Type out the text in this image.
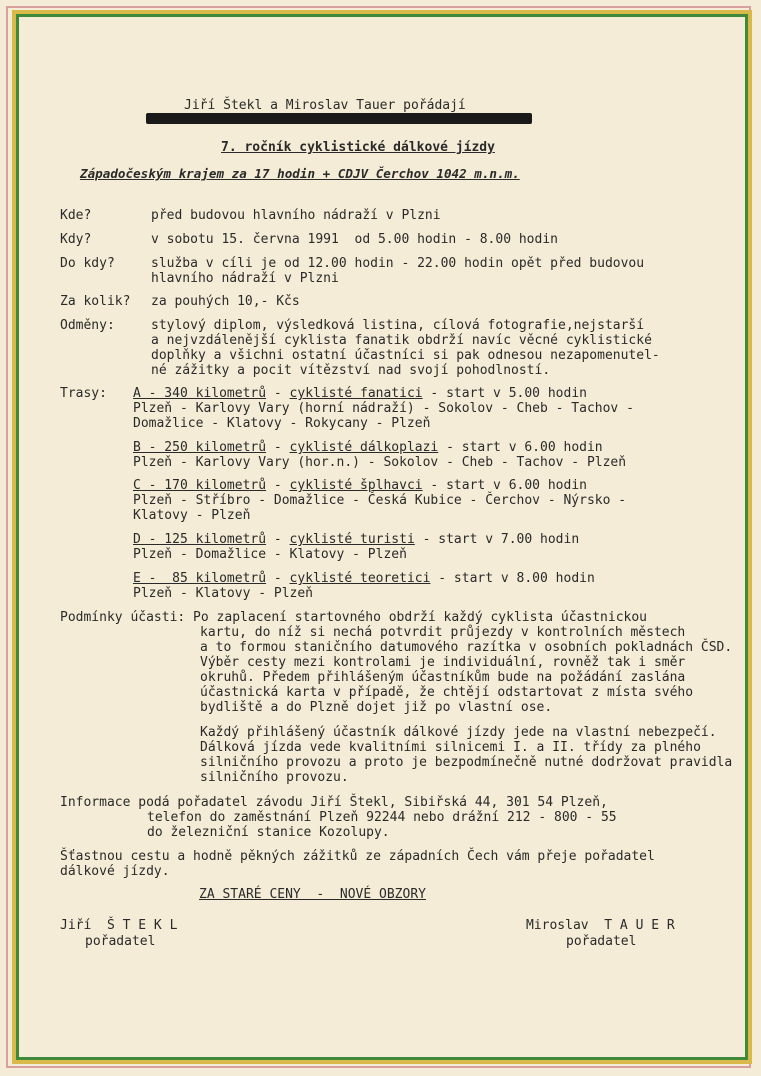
Jiří Štekl a Miroslav Tauer pořádají
7. ročník cyklistické dálkové jízdy
Západočeským krajem za 17 hodin + CDJV Čerchov 1042 m.n.m.
Kde?	před budovou hlavního nádraží v Plzni
Kdy?	v sobotu 15. června 1991  od 5.00 hodin - 8.00 hodin
Do kdy?	služba v cíli je od 12.00 hodin - 22.00 hodin opět před budovou
hlavního nádraží v Plzni
Za kolik? za pouhých 10,- Kčs
Odměny:	stylový diplom, výsledková listina, cílová fotografie,nejstarší
a nejvzdálenější cyklista fanatik obdrží navíc věcné cyklistické
doplňky a všichni ostatní účastníci si pak odnesou nezapomenutel-
né zážitky a pocit vítězství nad svojí pohodlností.
Trasy: A - 340 kilometrů - cyklisté fanatici - start v 5.00 hodin
Plzeň - Karlovy Vary (horní nádraží) - Sokolov - Cheb - Tachov -
Domažlice - Klatovy - Rokycany - Plzeň
B - 250 kilometrů - cyklisté dálkoplazi - start v 6.00 hodin
Plzeň - Karlovy Vary (hor.n.) - Sokolov - Cheb - Tachov - Plzeň
C - 170 kilometrů - cyklisté šplhavci - start v 6.00 hodin
Plzeň - Stříbro - Domažlice - Česká Kubice - Čerchov - Nýrsko -
Klatovy - Plzeň
D - 125 kilometrů - cyklisté turisti - start v 7.00 hodin
Plzeň - Domažlice - Klatovy - Plzeň
E -  85 kilometrů - cyklisté teoretici - start v 8.00 hodin
Plzeň - Klatovy - Plzeň
Podmínky účasti: Po zaplacení startovného obdrží každý cyklista účastnickou
kartu, do níž si nechá potvrdit průjezdy v kontrolních městech
a to formou staničního datumového razítka v osobních pokladnách ČSD.
Výběr cesty mezi kontrolami je individuální, rovněž tak i směr
okruhů. Předem přihlášeným účastníkům bude na požádání zaslána
účastnická karta v případě, že chtějí odstartovat z místa svého
bydliště a do Plzně dojet již po vlastní ose.
Každý přihlášený účastník dálkové jízdy jede na vlastní nebezpečí.
Dálková jízda vede kvalitními silnicemi I. a II. třídy za plného
silničního provozu a proto je bezpodmínečně nutné dodržovat pravidla
silničního provozu.
Informace podá pořadatel závodu Jiří Štekl, Sibiřská 44, 301 54 Plzeň,
telefon do zaměstnání Plzeň 92244 nebo drážní 212 - 800 - 55
do železniční stanice Kozolupy.
Šťastnou cestu a hodně pěkných zážitků ze západních Čech vám přeje pořadatel
dálkové jízdy.
ZA STARÉ CENY  -  NOVÉ OBZORY
Jiří  Š T E K L
pořadatel
Miroslav  T A U E R
pořadatel
